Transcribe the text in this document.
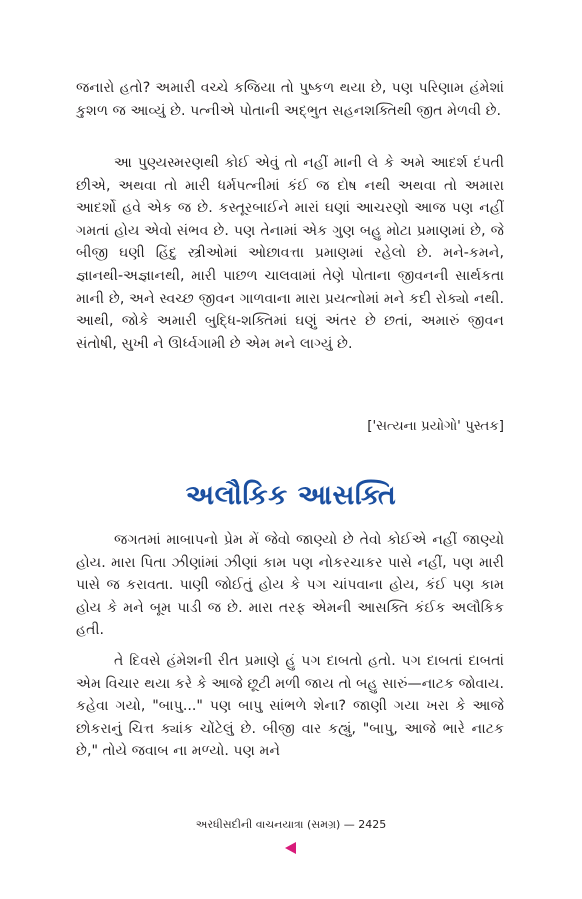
જનારો હતો? અમારી વચ્ચે કજિયા તો પુષ્કળ થયા છે, પણ પરિણામ હંમેશાં કુશળ જ આવ્યું છે. પત્નીએ પોતાની અદ્ભુત સહનશક્તિથી જીત મેળવી છે.

આ પુણ્યસ્મરણથી કોઈ એવું તો નહીં માની લે કે અમે આદર્શ દંપતી છીએ, અથવા તો મારી ધર્મપત્નીમાં કંઈ જ દોષ નથી અથવા તો અમારા આદર્શો હવે એક જ છે. કસ્તૂરબાઈને મારાં ઘણાં આચરણો આજ પણ નહીં ગમતાં હોય એવો સંભવ છે. પણ તેનામાં એક ગુણ બહુ મોટા પ્રમાણમાં છે, જે બીજી ઘણી હિંદુ સ્ત્રીઓમાં ઓછાવત્તા પ્રમાણમાં રહેલો છે. મને-કમને, જ્ઞાનથી-અજ્ઞાનથી, મારી પાછળ ચાલવામાં તેણે પોતાના જીવનની સાર્થકતા માની છે, અને સ્વચ્છ જીવન ગાળવાના મારા પ્રયત્નોમાં મને કદી રોક્યો નથી. આથી, જોકે અમારી બુદ્ધિ-શક્તિમાં ઘણું અંતર છે છતાં, અમારું જીવન સંતોષી, સુખી ને ઊર્ધ્વગામી છે એમ મને લાગ્યું છે.

['સત્યના પ્રયોગો' પુસ્તક]
અલૌકિક આસક્તિ

જગતમાં માબાપનો પ્રેમ મેં જેવો જાણ્યો છે તેવો કોઈએ નહીં જાણ્યો હોય. મારા પિતા ઝીણાંમાં ઝીણાં કામ પણ નોકરચાકર પાસે નહીં, પણ મારી પાસે જ કરાવતા. પાણી જોઈતું હોય કે પગ ચાંપવાના હોય, કંઈ પણ કામ હોય કે મને બૂમ પાડી જ છે. મારા તરફ એમની આસક્તિ કંઈક અલૌકિક હતી.

તે દિવસે હંમેશની રીત પ્રમાણે હું પગ દાબતો હતો. પગ દાબતાં દાબતાં એમ વિચાર થયા કરે કે આજે છૂટી મળી જાય તો બહુ સારું—નાટક જોવાય. કહેવા ગયો, "બાપુ..." પણ બાપુ સાંભળે શેના? જાણી ગયા ખરા કે આજે છોકરાનું ચિત્ત ક્યાંક ચોંટેલું છે. બીજી વાર કહ્યું, "બાપુ, આજે ભારે નાટક છે," તોયે જવાબ ના મળ્યો. પણ મને

અરધીસદીની વાચનયાત્રા (સમગ્ર) — 2425
